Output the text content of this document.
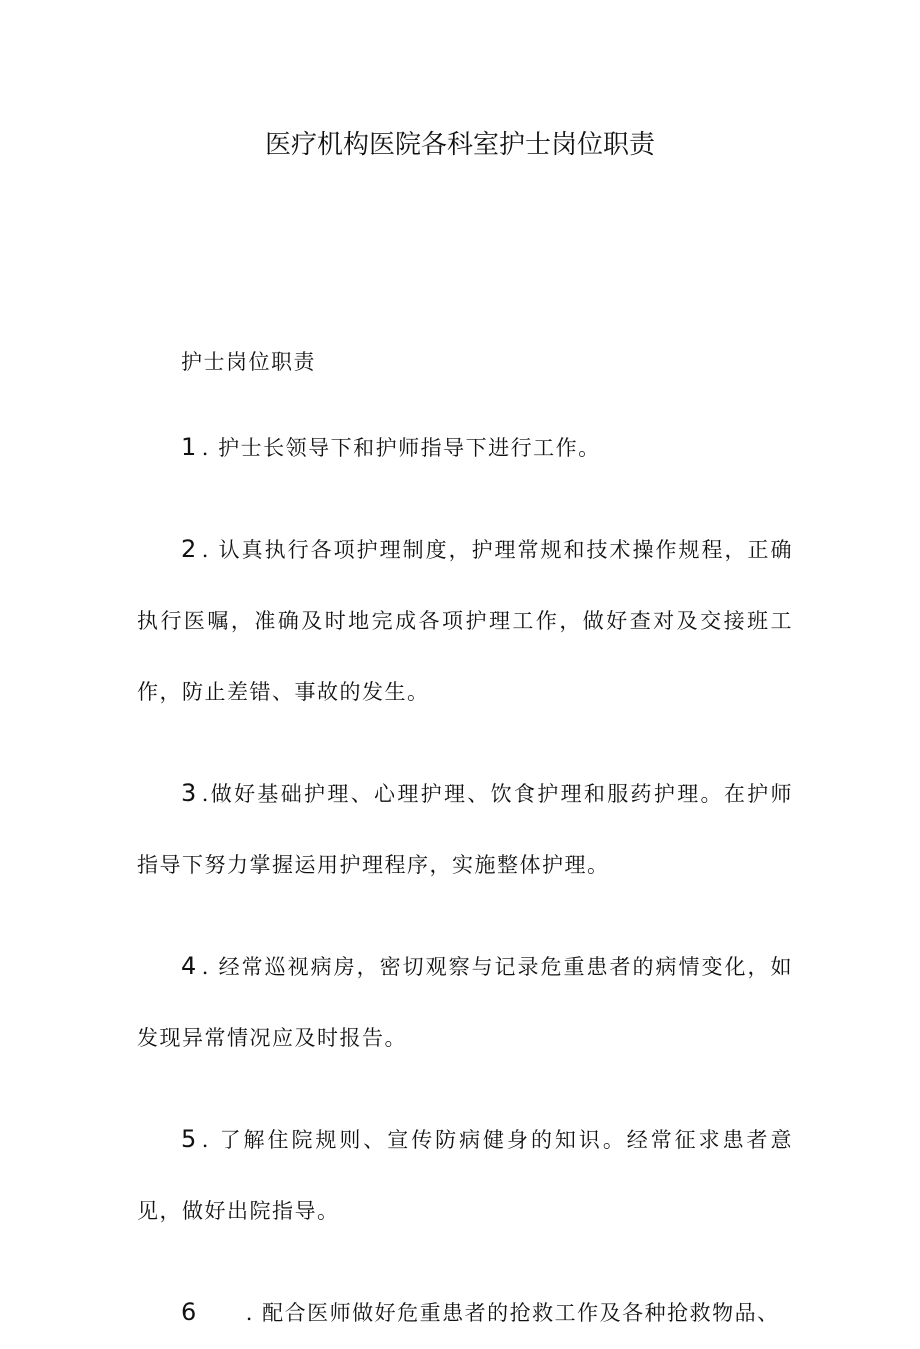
医疗机构医院各科室护士岗位职责

护士岗位职责

1 . 护士长领导下和护师指导下进行工作。

2 . 认真执行各项护理制度，护理常规和技术操作规程，正确执行医嘱，准确及时地完成各项护理工作，做好查对及交接班工作，防止差错、事故的发生。

3 .做好基础护理、心理护理、饮食护理和服药护理。在护师指导下努力掌握运用护理程序，实施整体护理。

4 . 经常巡视病房，密切观察与记录危重患者的病情变化，如发现异常情况应及时报告。

5 . 了解住院规则、宣传防病健身的知识。经常征求患者意见，做好出院指导。

6 . 配合医师做好危重患者的抢救工作及各种抢救物品、
